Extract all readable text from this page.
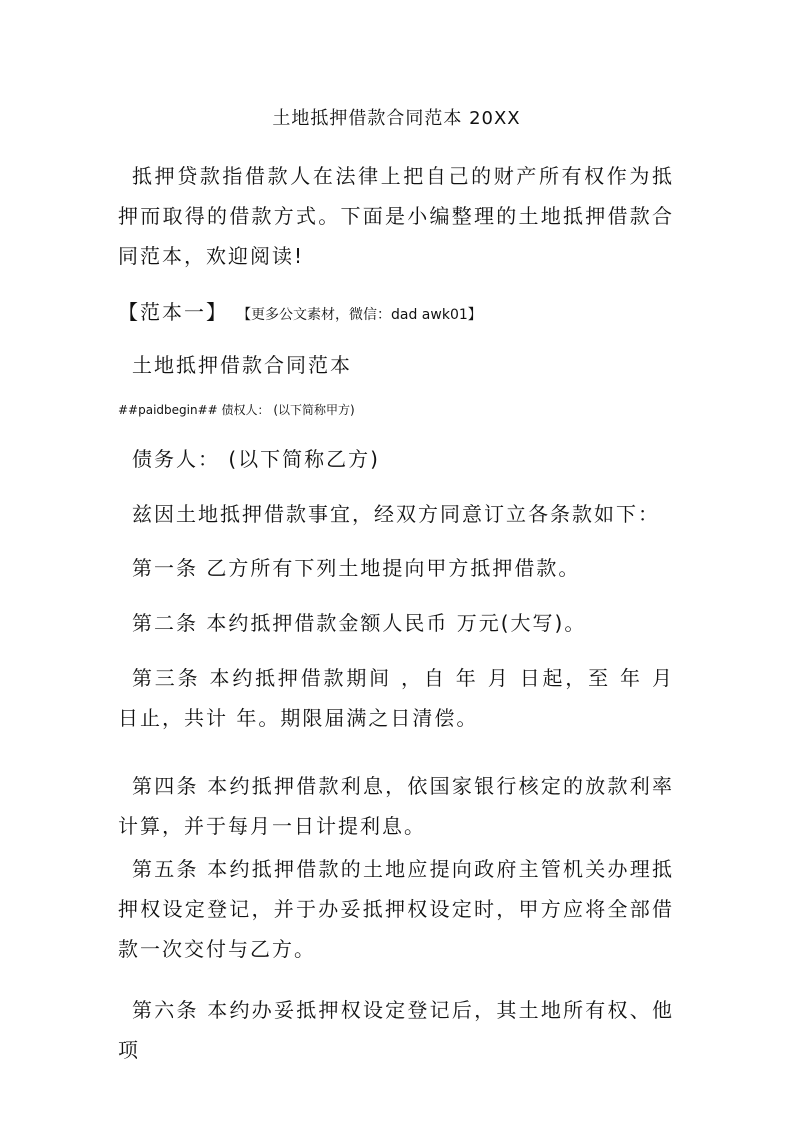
土地抵押借款合同范本 20XX
抵押贷款指借款人在法律上把自己的财产所有权作为抵押而取得的借款方式。下面是小编整理的土地抵押借款合同范本，欢迎阅读!
【范本一】 【更多公文素材，微信：dad awk01】
土地抵押借款合同范本
##paidbegin## 债权人： (以下简称甲方)
债务人： (以下简称乙方)
兹因土地抵押借款事宜，经双方同意订立各条款如下：
第一条 乙方所有下列土地提向甲方抵押借款。
第二条 本约抵押借款金额人民币 万元(大写)。
第三条 本约抵押借款期间 ，自 年 月 日起，至 年 月 日止，共计 年。期限届满之日清偿。
第四条 本约抵押借款利息，依国家银行核定的放款利率计算，并于每月一日计提利息。
第五条 本约抵押借款的土地应提向政府主管机关办理抵押权设定登记，并于办妥抵押权设定时，甲方应将全部借款一次交付与乙方。
第六条 本约办妥抵押权设定登记后，其土地所有权、他项
